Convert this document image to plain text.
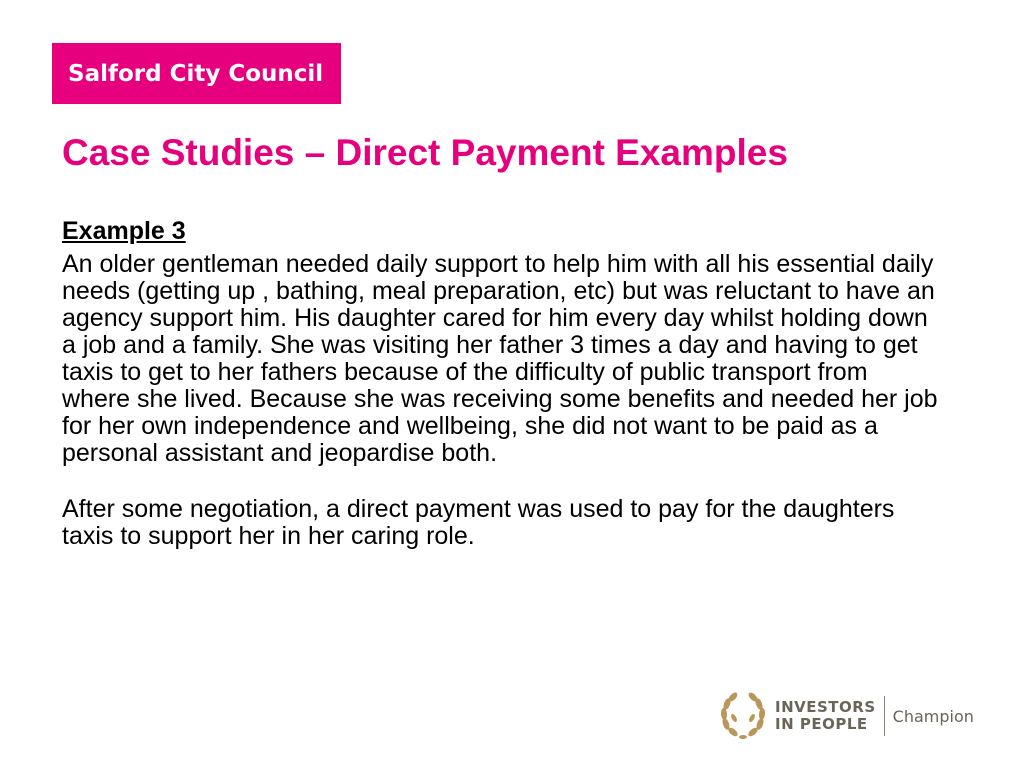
Salford City Council
Case Studies – Direct Payment Examples
Example 3

An older gentleman needed daily support to help him with all his essential daily needs (getting up , bathing, meal preparation, etc) but was reluctant to have an agency support him. His daughter cared for him every day whilst holding down a job and a family. She was visiting her father 3 times a day and having to get taxis to get to her fathers because of the difficulty of public transport from where she lived. Because she was receiving some benefits and needed her job for her own independence and wellbeing, she did not want to be paid as a personal assistant and jeopardise both.

After some negotiation, a direct payment was used to pay for the daughters taxis to support her in her caring role.

INVESTORS
IN PEOPLE	Champion
